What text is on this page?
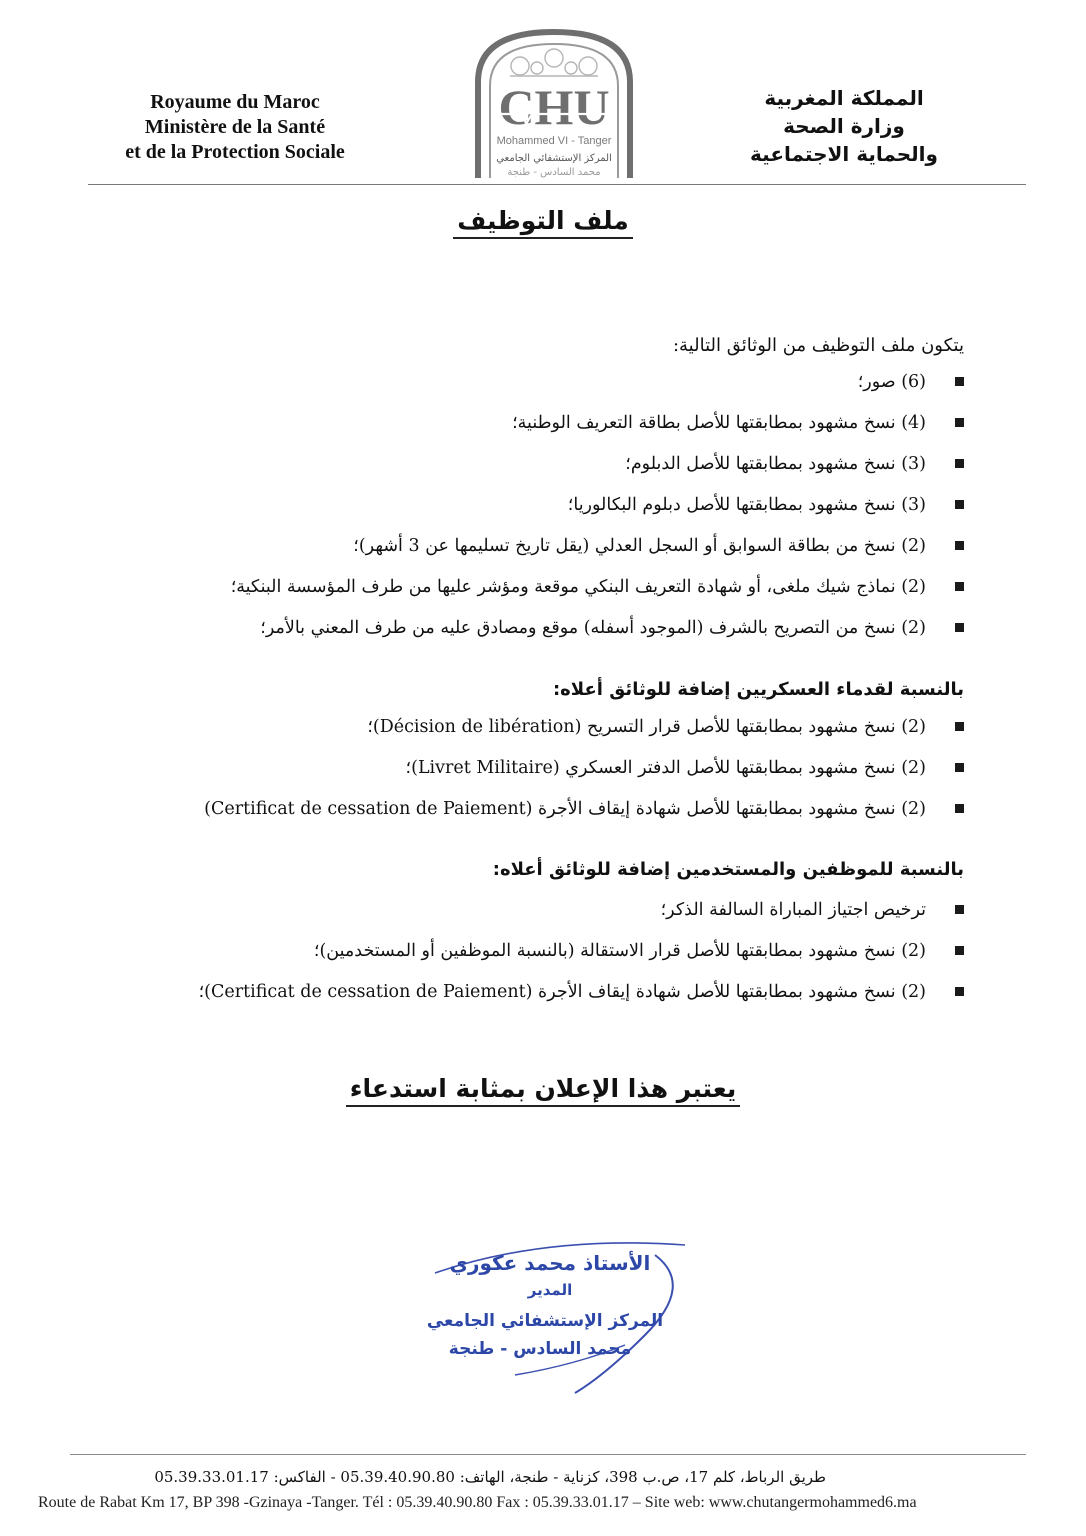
Royaume du Maroc
Ministère de la Santé
et de la Protection Sociale
CHU
Mohammed VI - Tanger
المركز الإستشفائي الجامعي
محمد السادس - طنجة
المملكة المغربية
وزارة الصحة
والحماية الاجتماعية
ملف التوظيف
يتكون ملف التوظيف من الوثائق التالية:
(6) صور؛
(4) نسخ مشهود بمطابقتها للأصل بطاقة التعريف الوطنية؛
(3) نسخ مشهود بمطابقتها للأصل الدبلوم؛
(3) نسخ مشهود بمطابقتها للأصل دبلوم البكالوريا؛
(2) نسخ من بطاقة السوابق أو السجل العدلي (يقل تاريخ تسليمها عن 3 أشهر)؛
(2) نماذج شيك ملغى، أو شهادة التعريف البنكي موقعة ومؤشر عليها من طرف المؤسسة البنكية؛
(2) نسخ من التصريح بالشرف (الموجود أسفله) موقع ومصادق عليه من طرف المعني بالأمر؛
بالنسبة لقدماء العسكريين إضافة للوثائق أعلاه:
(2) نسخ مشهود بمطابقتها للأصل قرار التسريح (Décision de libération)؛
(2) نسخ مشهود بمطابقتها للأصل الدفتر العسكري (Livret Militaire)؛
(2) نسخ مشهود بمطابقتها للأصل شهادة إيقاف الأجرة (Certificat de cessation de Paiement)
بالنسبة للموظفين والمستخدمين إضافة للوثائق أعلاه:
ترخيص اجتياز المباراة السالفة الذكر؛
(2) نسخ مشهود بمطابقتها للأصل قرار الاستقالة (بالنسبة الموظفين أو المستخدمين)؛
(2) نسخ مشهود بمطابقتها للأصل شهادة إيقاف الأجرة (Certificat de cessation de Paiement)؛
يعتبر هذا الإعلان بمثابة استدعاء
الأستاذ محمد عكوري
المدير
المركز الإستشفائي الجامعي
محمد السادس - طنجة
طريق الرباط، كلم 17، ص.ب 398، كزناية - طنجة، الهاتف: 05.39.40.90.80 - الفاكس: 05.39.33.01.17
Route de Rabat Km 17, BP 398 -Gzinaya -Tanger. Tél : 05.39.40.90.80 Fax : 05.39.33.01.17 – Site web: www.chutangermohammed6.ma
